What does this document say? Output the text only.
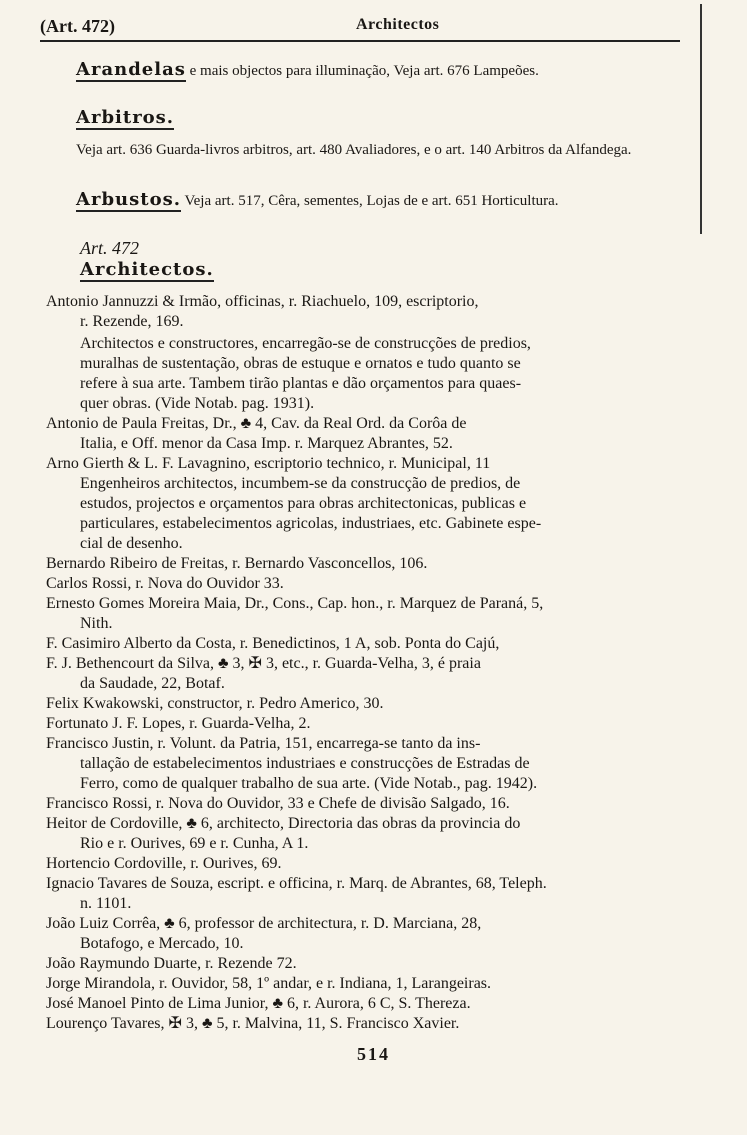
(Art. 472)	Architectos
Arandelas e mais objectos para illuminação, Veja art. 676 Lampeões.
Arbitros.
Veja art. 636 Guarda-livros arbitros, art. 480 Avaliadores, e o art. 140 Arbitros da Alfandega.
Arbustos. Veja art. 517, Cêra, sementes, Lojas de e art. 651 Horticultura.
Art. 472
Architectos.
Antonio Jannuzzi & Irmão, officinas, r. Riachuelo, 109, escriptorio,
r. Rezende, 169.
Architectos e constructores, encarregão-se de construcções de predios,
muralhas de sustentação, obras de estuque e ornatos e tudo quanto se
refere à sua arte. Tambem tirão plantas e dão orçamentos para quaes-
quer obras. (Vide Notab. pag. 1931).
Antonio de Paula Freitas, Dr., ♣ 4, Cav. da Real Ord. da Corôa de
Italia, e Off. menor da Casa Imp. r. Marquez Abrantes, 52.
Arno Gierth & L. F. Lavagnino, escriptorio technico, r. Municipal, 11
Engenheiros architectos, incumbem-se da construcção de predios, de
estudos, projectos e orçamentos para obras architectonicas, publicas e
particulares, estabelecimentos agricolas, industriaes, etc. Gabinete espe-
cial de desenho.
Bernardo Ribeiro de Freitas, r. Bernardo Vasconcellos, 106.
Carlos Rossi, r. Nova do Ouvidor 33.
Ernesto Gomes Moreira Maia, Dr., Cons., Cap. hon., r. Marquez de Paraná, 5,
Nith.
F. Casimiro Alberto da Costa, r. Benedictinos, 1 A, sob. Ponta do Cajú,
F. J. Bethencourt da Silva, ♣ 3, ✠ 3, etc., r. Guarda-Velha, 3, é praia
da Saudade, 22, Botaf.
Felix Kwakowski, constructor, r. Pedro Americo, 30.
Fortunato J. F. Lopes, r. Guarda-Velha, 2.
Francisco Justin, r. Volunt. da Patria, 151, encarrega-se tanto da ins-
tallação de estabelecimentos industriaes e construcções de Estradas de
Ferro, como de qualquer trabalho de sua arte. (Vide Notab., pag. 1942).
Francisco Rossi, r. Nova do Ouvidor, 33 e Chefe de divisão Salgado, 16.
Heitor de Cordoville, ♣ 6, architecto, Directoria das obras da provincia do
Rio e r. Ourives, 69 e r. Cunha, A 1.
Hortencio Cordoville, r. Ourives, 69.
Ignacio Tavares de Souza, escript. e officina, r. Marq. de Abrantes, 68, Teleph.
n. 1101.
João Luiz Corrêa, ♣ 6, professor de architectura, r. D. Marciana, 28,
Botafogo, e Mercado, 10.
João Raymundo Duarte, r. Rezende 72.
Jorge Mirandola, r. Ouvidor, 58, 1º andar, e r. Indiana, 1, Larangeiras.
José Manoel Pinto de Lima Junior, ♣ 6, r. Aurora, 6 C, S. Thereza.
Lourenço Tavares, ✠ 3, ♣ 5, r. Malvina, 11, S. Francisco Xavier.
514
